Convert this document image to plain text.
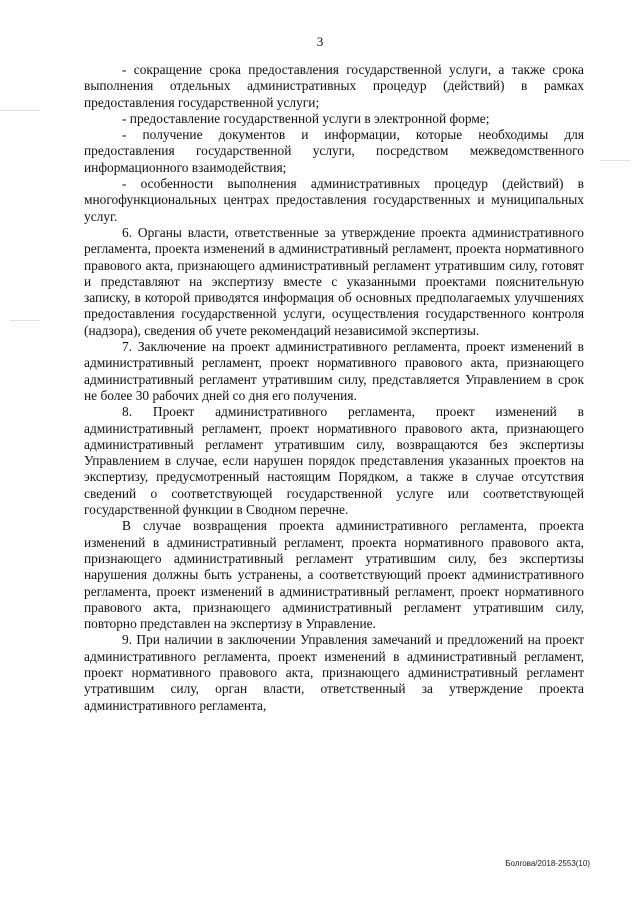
3

- сокращение срока предоставления государственной услуги, а также срока выполнения отдельных административных процедур (действий) в рамках предоставления государственной услуги;

- предоставление государственной услуги в электронной форме;

- получение документов и информации, которые необходимы для предоставления государственной услуги, посредством межведомственного информационного взаимодействия;

- особенности выполнения административных процедур (действий) в многофункциональных центрах предоставления государственных и муниципальных услуг.

6. Органы власти, ответственные за утверждение проекта административного регламента, проекта изменений в административный регламент, проекта нормативного правового акта, признающего административный регламент утратившим силу, готовят и представляют на экспертизу вместе с указанными проектами пояснительную записку, в которой приводятся информация об основных предполагаемых улучшениях предоставления государственной услуги, осуществления государственного контроля (надзора), сведения об учете рекомендаций независимой экспертизы.

7. Заключение на проект административного регламента, проект изменений в административный регламент, проект нормативного правового акта, признающего административный регламент утратившим силу, представляется Управлением в срок не более 30 рабочих дней со дня его получения.

8. Проект административного регламента, проект изменений в административный регламент, проект нормативного правового акта, признающего административный регламент утратившим силу, возвращаются без экспертизы Управлением в случае, если нарушен порядок представления указанных проектов на экспертизу, предусмотренный настоящим Порядком, а также в случае отсутствия сведений о соответствующей государственной услуге или соответствующей государственной функции в Сводном перечне.

В случае возвращения проекта административного регламента, проекта изменений в административный регламент, проекта нормативного правового акта, признающего административный регламент утратившим силу, без экспертизы нарушения должны быть устранены, а соответствующий проект административного регламента, проект изменений в административный регламент, проект нормативного правового акта, признающего административный регламент утратившим силу, повторно представлен на экспертизу в Управление.

9. При наличии в заключении Управления замечаний и предложений на проект административного регламента, проект изменений в административный регламент, проект нормативного правового акта, признающего административный регламент утратившим силу, орган власти, ответственный за утверждение проекта административного регламента,

Болгова/2018-2553(10)
